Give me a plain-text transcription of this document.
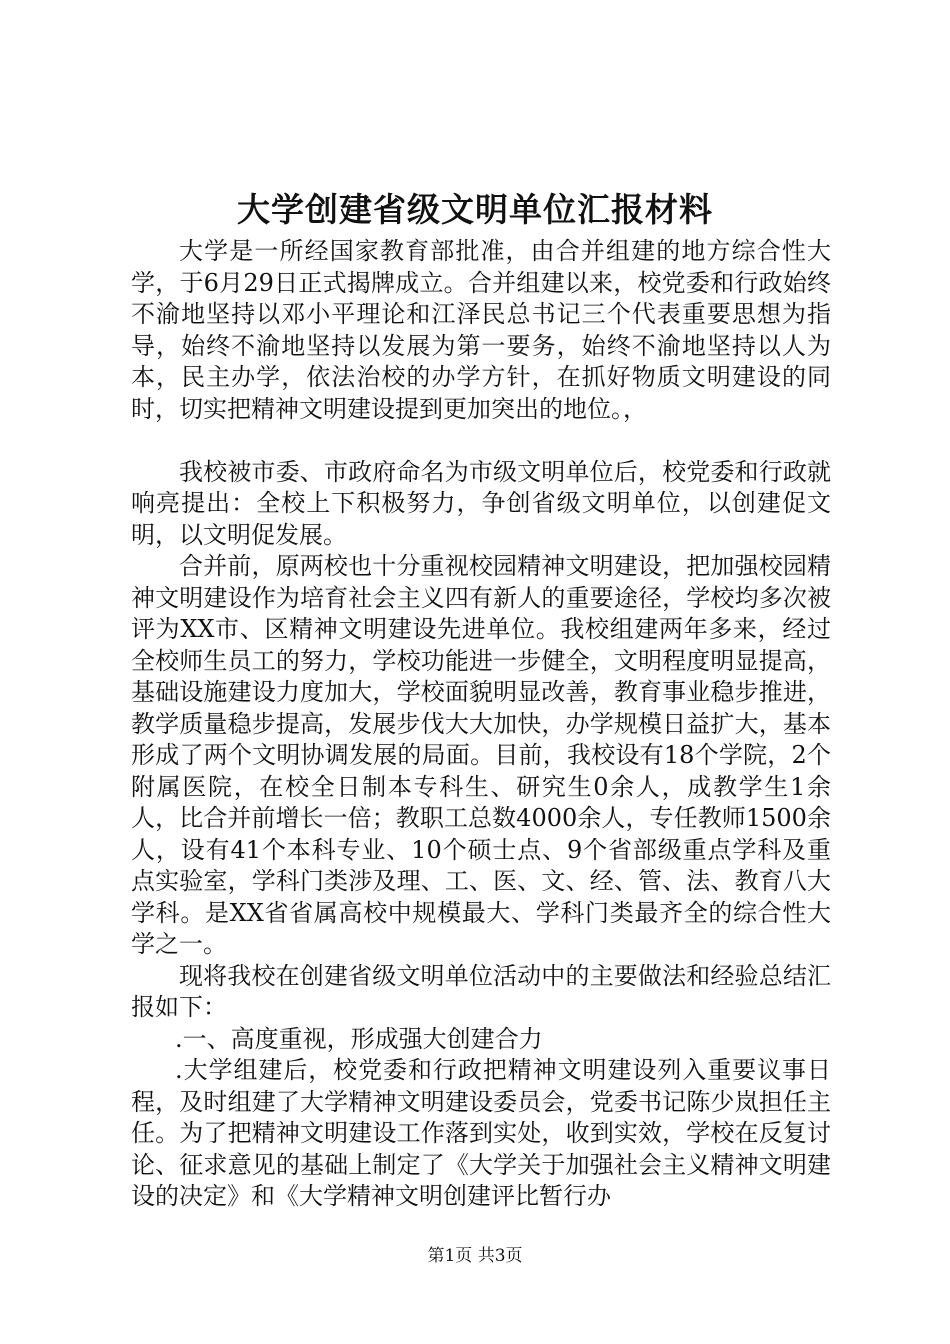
大学创建省级文明单位汇报材料

大学是一所经国家教育部批准，由合并组建的地方综合性大学，于6月29日正式揭牌成立。合并组建以来，校党委和行政始终不渝地坚持以邓小平理论和江泽民总书记三个代表重要思想为指导，始终不渝地坚持以发展为第一要务，始终不渝地坚持以人为本，民主办学，依法治校的办学方针，在抓好物质文明建设的同时，切实把精神文明建设提到更加突出的地位。，

我校被市委、市政府命名为市级文明单位后，校党委和行政就响亮提出：全校上下积极努力，争创省级文明单位，以创建促文明，以文明促发展。

合并前，原两校也十分重视校园精神文明建设，把加强校园精神文明建设作为培育社会主义四有新人的重要途径，学校均多次被评为XX市、区精神文明建设先进单位。我校组建两年多来，经过全校师生员工的努力，学校功能进一步健全，文明程度明显提高，基础设施建设力度加大，学校面貌明显改善，教育事业稳步推进，教学质量稳步提高，发展步伐大大加快，办学规模日益扩大，基本形成了两个文明协调发展的局面。目前，我校设有18个学院，2个附属医院，在校全日制本专科生、研究生0余人，成教学生1余人，比合并前增长一倍；教职工总数4000余人，专任教师1500余人，设有41个本科专业、10个硕士点、9个省部级重点学科及重点实验室，学科门类涉及理、工、医、文、经、管、法、教育八大学科。是XX省省属高校中规模最大、学科门类最齐全的综合性大学之一。

现将我校在创建省级文明单位活动中的主要做法和经验总结汇报如下：

.一、高度重视，形成强大创建合力

.大学组建后，校党委和行政把精神文明建设列入重要议事日程，及时组建了大学精神文明建设委员会，党委书记陈少岚担任主任。为了把精神文明建设工作落到实处，收到实效，学校在反复讨论、征求意见的基础上制定了《大学关于加强社会主义精神文明建设的决定》和《大学精神文明创建评比暂行办

第1页 共3页
